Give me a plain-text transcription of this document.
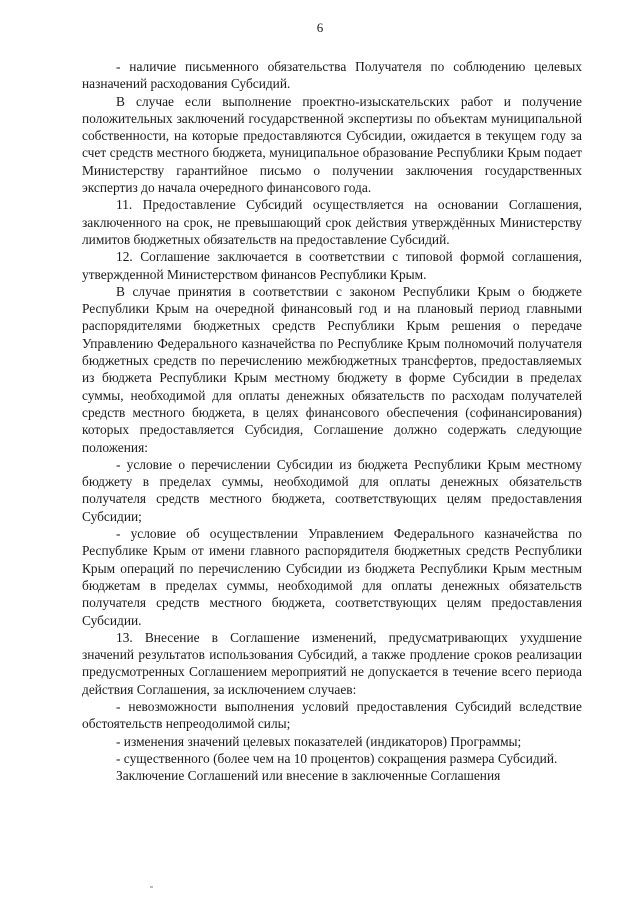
6

- наличие письменного обязательства Получателя по соблюдению целевых назначений расходования Субсидий.

В случае если выполнение проектно-изыскательских работ и получение положительных заключений государственной экспертизы по объектам муниципальной собственности, на которые предоставляются Субсидии, ожидается в текущем году за счет средств местного бюджета, муниципальное образование Республики Крым подает Министерству гарантийное письмо о получении заключения государственных экспертиз до начала очередного финансового года.

11. Предоставление Субсидий осуществляется на основании Соглашения, заключенного на срок, не превышающий срок действия утверждённых Министерству лимитов бюджетных обязательств на предоставление Субсидий.

12. Соглашение заключается в соответствии с типовой формой соглашения, утвержденной Министерством финансов Республики Крым.

В случае принятия в соответствии с законом Республики Крым о бюджете Республики Крым на очередной финансовый год и на плановый период главными распорядителями бюджетных средств Республики Крым решения о передаче Управлению Федерального казначейства по Республике Крым полномочий получателя бюджетных средств по перечислению межбюджетных трансфертов, предоставляемых из бюджета Республики Крым местному бюджету в форме Субсидии в пределах суммы, необходимой для оплаты денежных обязательств по расходам получателей средств местного бюджета, в целях финансового обеспечения (софинансирования) которых предоставляется Субсидия, Соглашение должно содержать следующие положения:

- условие о перечислении Субсидии из бюджета Республики Крым местному бюджету в пределах суммы, необходимой для оплаты денежных обязательств получателя средств местного бюджета, соответствующих целям предоставления Субсидии;

- условие об осуществлении Управлением Федерального казначейства по Республике Крым от имени главного распорядителя бюджетных средств Республики Крым операций по перечислению Субсидии из бюджета Республики Крым местным бюджетам в пределах суммы, необходимой для оплаты денежных обязательств получателя средств местного бюджета, соответствующих целям предоставления Субсидии.

13. Внесение в Соглашение изменений, предусматривающих ухудшение значений результатов использования Субсидий, а также продление сроков реализации предусмотренных Соглашением мероприятий не допускается в течение всего периода действия Соглашения, за исключением случаев:

- невозможности выполнения условий предоставления Субсидий вследствие обстоятельств непреодолимой силы;

- изменения значений целевых показателей (индикаторов) Программы;

- существенного (более чем на 10 процентов) сокращения размера Субсидий.

Заключение Соглашений или внесение в заключенные Соглашения
